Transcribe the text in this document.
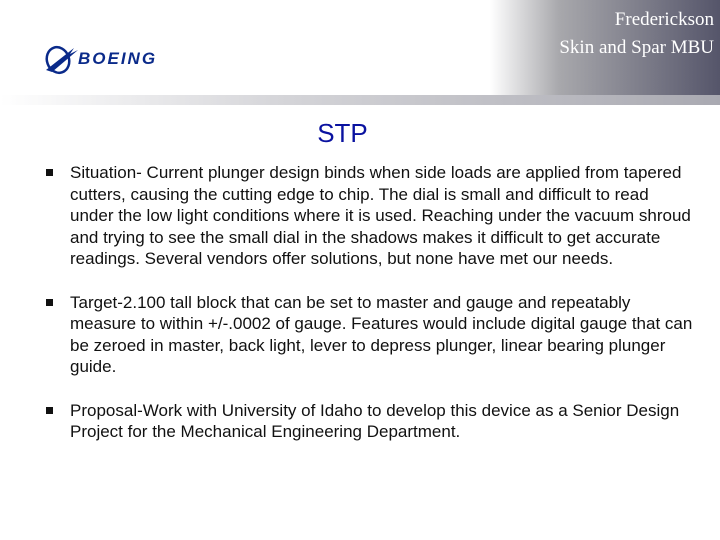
Frederickson
Skin and Spar MBU
BOEING
STP
Situation- Current plunger design binds when side loads are applied from tapered cutters, causing the cutting edge to chip. The dial is small and difficult to read under the low light conditions where it is used. Reaching under the vacuum shroud and trying to see the small dial in the shadows makes it difficult to get accurate readings. Several vendors offer solutions, but none have met our needs.
Target-2.100 tall block that can be set to master and gauge and repeatably measure to within +/-.0002 of gauge. Features would include digital gauge that can be zeroed in master, back light, lever to depress plunger, linear bearing plunger guide.
Proposal-Work with University of Idaho to develop this device as a Senior Design Project for the Mechanical Engineering Department.
